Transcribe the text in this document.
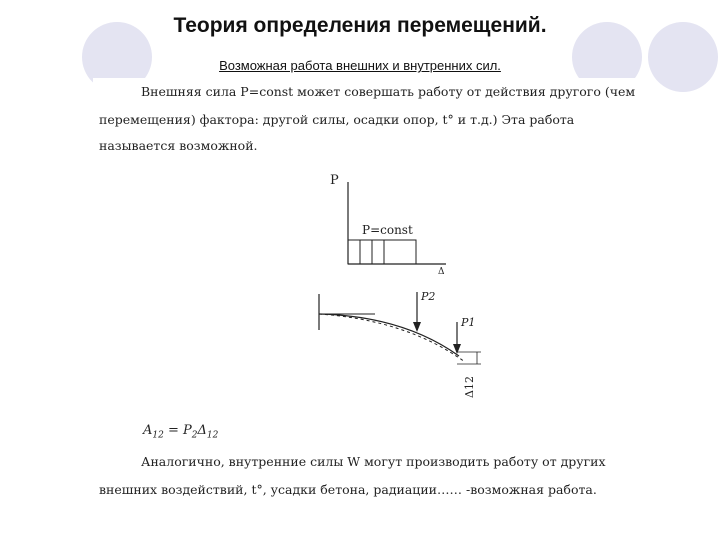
Теория определения перемещений.
Возможная работа внешних и внутренних сил.
Внешняя сила P=const может совершать работу от действия другого (чем
перемещения) фактора: другой силы, осадки опор, t° и т.д.) Эта работа
называется возможной.
P
P=const
Δ
P2
P1
Δ12
$A_{12} = P_2\Delta_{12}$
Аналогично, внутренние силы W могут производить работу от других
внешних воздействий, t°, усадки бетона, радиации…… -возможная работа.
